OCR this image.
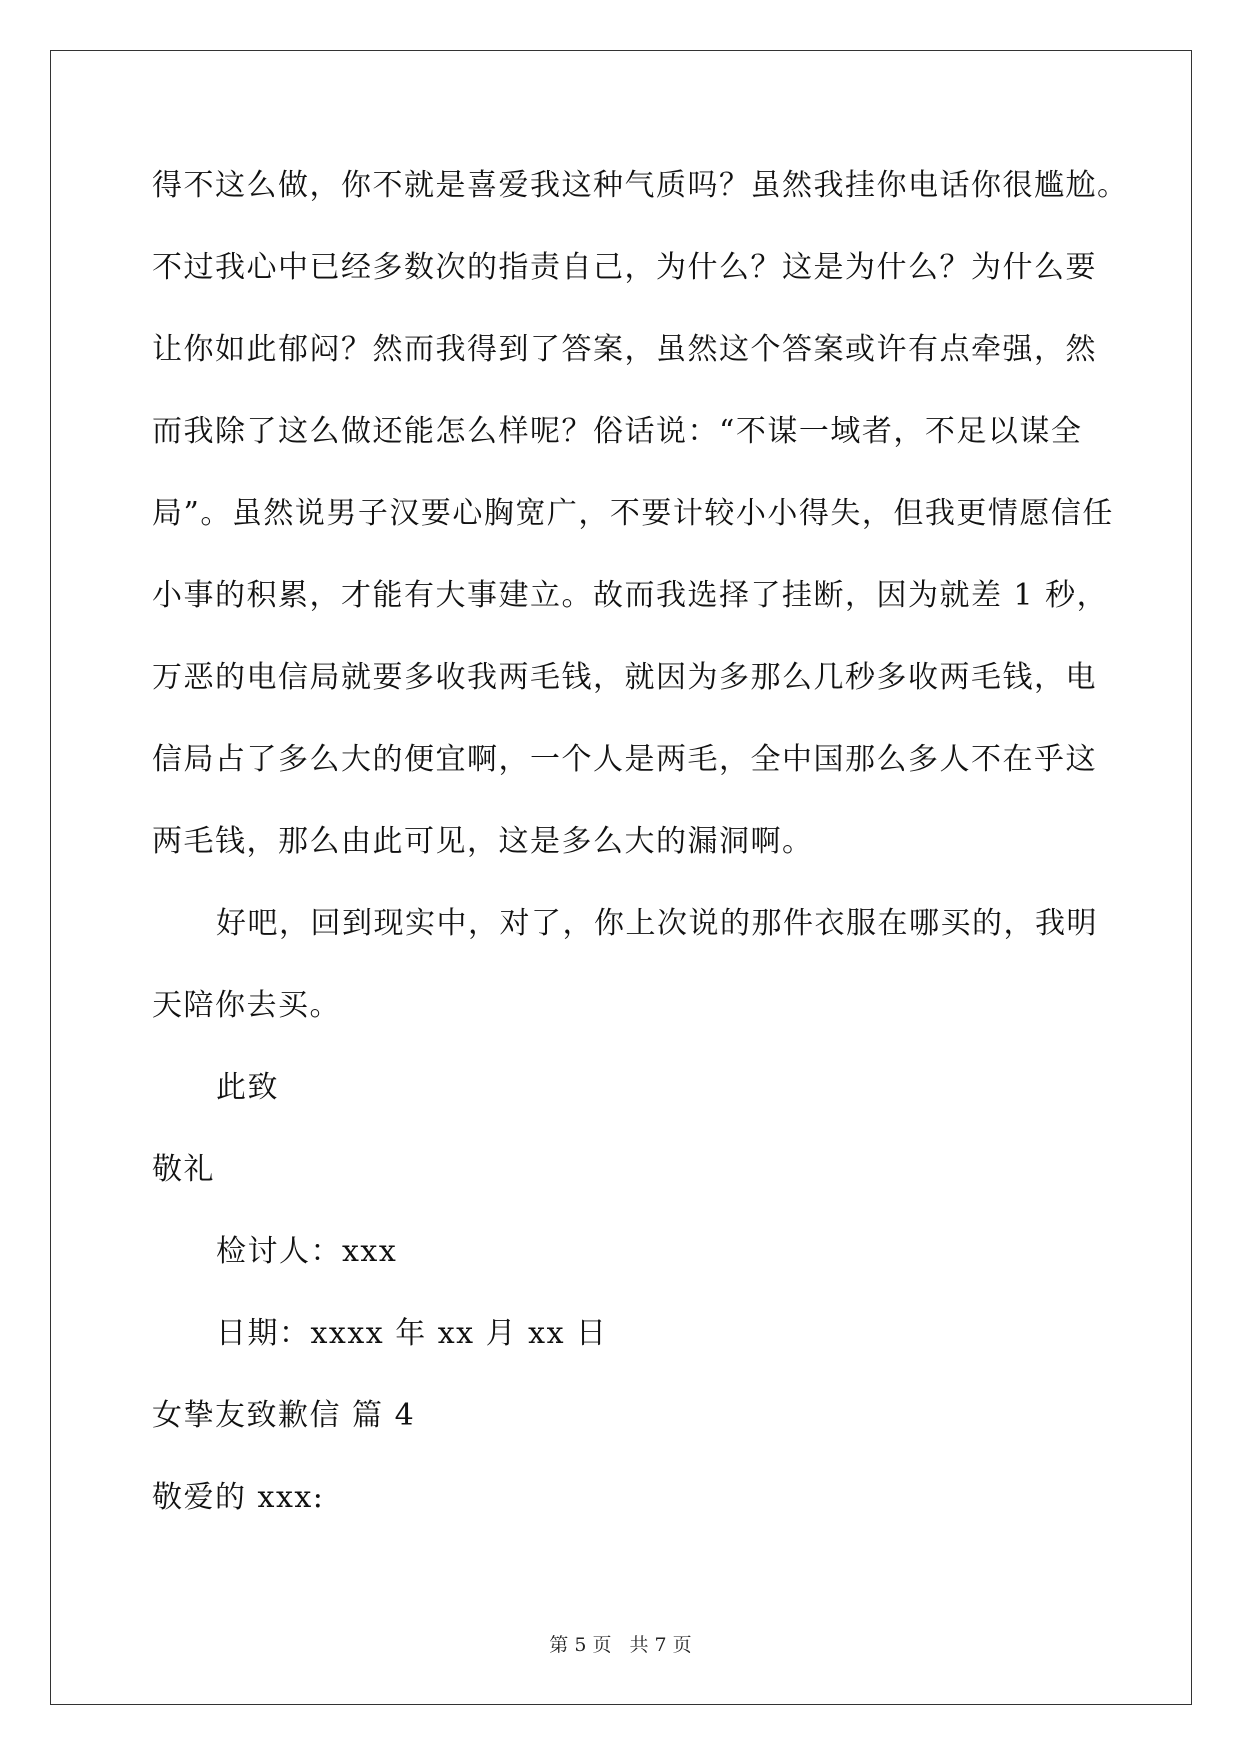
得不这么做，你不就是喜爱我这种气质吗？虽然我挂你电话你很尴尬。
不过我心中已经多数次的指责自己，为什么？这是为什么？为什么要
让你如此郁闷？然而我得到了答案，虽然这个答案或许有点牵强，然
而我除了这么做还能怎么样呢？俗话说：“不谋一域者，不足以谋全
局”。虽然说男子汉要心胸宽广，不要计较小小得失，但我更情愿信任
小事的积累，才能有大事建立。故而我选择了挂断，因为就差 1 秒，
万恶的电信局就要多收我两毛钱，就因为多那么几秒多收两毛钱，电
信局占了多么大的便宜啊，一个人是两毛，全中国那么多人不在乎这
两毛钱，那么由此可见，这是多么大的漏洞啊。
好吧，回到现实中，对了，你上次说的那件衣服在哪买的，我明
天陪你去买。
此致
敬礼
检讨人：xxx
日期：xxxx 年 xx 月 xx 日
女挚友致歉信 篇 4
敬爱的 xxx:
第 5 页 共 7 页
